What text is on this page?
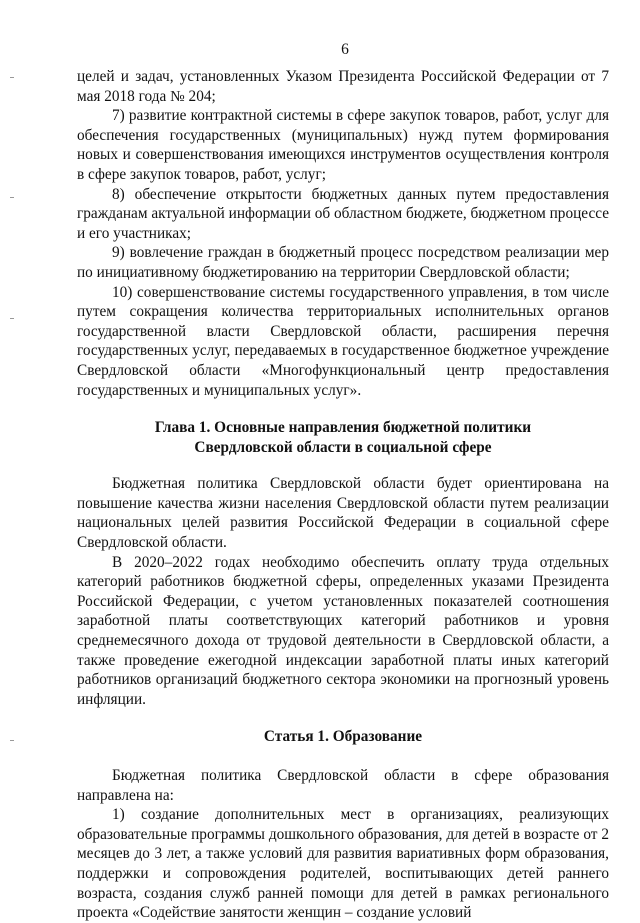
6

целей и задач, установленных Указом Президента Российской Федерации от 7 мая 2018 года № 204;

7) развитие контрактной системы в сфере закупок товаров, работ, услуг для обеспечения государственных (муниципальных) нужд путем формирования новых и совершенствования имеющихся инструментов осуществления контроля в сфере закупок товаров, работ, услуг;

8) обеспечение открытости бюджетных данных путем предоставления гражданам актуальной информации об областном бюджете, бюджетном процессе и его участниках;

9) вовлечение граждан в бюджетный процесс посредством реализации мер по инициативному бюджетированию на территории Свердловской области;

10) совершенствование системы государственного управления, в том числе путем сокращения количества территориальных исполнительных органов государственной власти Свердловской области, расширения перечня государственных услуг, передаваемых в государственное бюджетное учреждение Свердловской области «Многофункциональный центр предоставления государственных и муниципальных услуг».

Глава 1. Основные направления бюджетной политики

Свердловской области в социальной сфере

Бюджетная политика Свердловской области будет ориентирована на повышение качества жизни населения Свердловской области путем реализации национальных целей развития Российской Федерации в социальной сфере Свердловской области.

В 2020–2022 годах необходимо обеспечить оплату труда отдельных категорий работников бюджетной сферы, определенных указами Президента Российской Федерации, с учетом установленных показателей соотношения заработной платы соответствующих категорий работников и уровня среднемесячного дохода от трудовой деятельности в Свердловской области, а также проведение ежегодной индексации заработной платы иных категорий работников организаций бюджетного сектора экономики на прогнозный уровень инфляции.

Статья 1. Образование

Бюджетная политика Свердловской области в сфере образования направлена на:

1) создание дополнительных мест в организациях, реализующих образовательные программы дошкольного образования, для детей в возрасте от 2 месяцев до 3 лет, а также условий для развития вариативных форм образования, поддержки и сопровождения родителей, воспитывающих детей раннего возраста, создания служб ранней помощи для детей в рамках регионального проекта «Содействие занятости женщин – создание условий
